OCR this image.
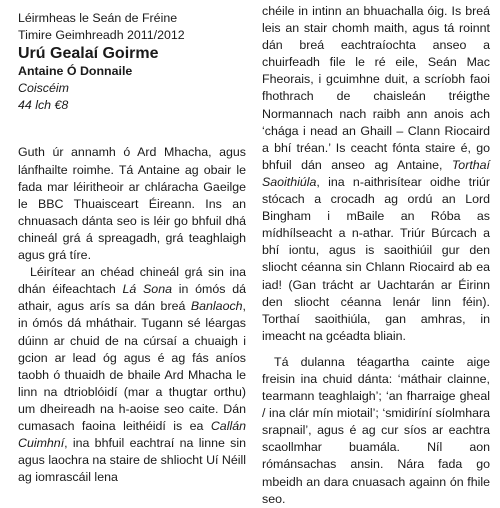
Léirmheas le Seán de Fréine
Timire Geimhreadh 2011/2012
Urú Gealaí Goirme
Antaine Ó Donnaile
Coiscéim
44 lch €8

Guth úr annamh ó Ard Mhacha, agus lánfhailte roimhe. Tá Antaine ag obair le fada mar léiritheoir ar chláracha Gaeilge le BBC Thuaisceart Éireann. Ins an chnuasach dánta seo is léir go bhfuil dhá chineál grá á spreagadh, grá teaghlaigh agus grá tíre.

Léirítear an chéad chineál grá sin ina dhán éifeachtach Lá Sona in ómós dá athair, agus arís sa dán breá Banlaoch, in ómós dá mháthair. Tugann sé léargas dúinn ar chuid de na cúrsaí a chuaigh i gcion ar lead óg agus é ag fás aníos taobh ó thuaidh de bhaile Ard Mhacha le linn na dtrioblóidí (mar a thugtar orthu) um dheireadh na h-aoise seo caite. Dán cumasach faoina leithéidí is ea Callán Cuimhní, ina bhfuil eachtraí na linne sin agus laochra na staire de shliocht Uí Néill ag iomrascáil lena

chéile in intinn an bhuachalla óig. Is breá leis an stair chomh maith, agus tá roinnt dán breá eachtraíochta anseo a chuirfeadh file le ré eile, Seán Mac Fheorais, i gcuimhne duit, a scríobh faoi fhothrach de chaisleán tréigthe Normannach nach raibh ann anois ach ‘chága i nead an Ghaill – Clann Riocaird a bhí tréan.’ Is ceacht fónta staire é, go bhfuil dán anseo ag Antaine, Torthaí Saoithiúla, ina n-aithrisítear oidhe triúr stócach a crocadh ag ordú an Lord Bingham i mBaile an Róba as mídhílseacht a n-athar. Triúr Búrcach a bhí iontu, agus is saoithiúil gur den sliocht céanna sin Chlann Riocaird ab ea iad! (Gan trácht ar Uachtarán ar Éirinn den sliocht céanna lenár linn féin). Torthaí saoithiúla, gan amhras, in imeacht na gcéadta bliain.

Tá dulanna téagartha cainte aige freisin ina chuid dánta: ‘máthair clainne, tearmann teaghlaigh’; ‘an fharraige gheal / ina clár mín miotail’; ‘smidiríní síolmhara srapnail’, agus é ag cur síos ar eachtra scaollmhar buamála. Níl aon rómánsachas ansin. Nára fada go mbeidh an dara cnuasach againn ón fhile seo.
